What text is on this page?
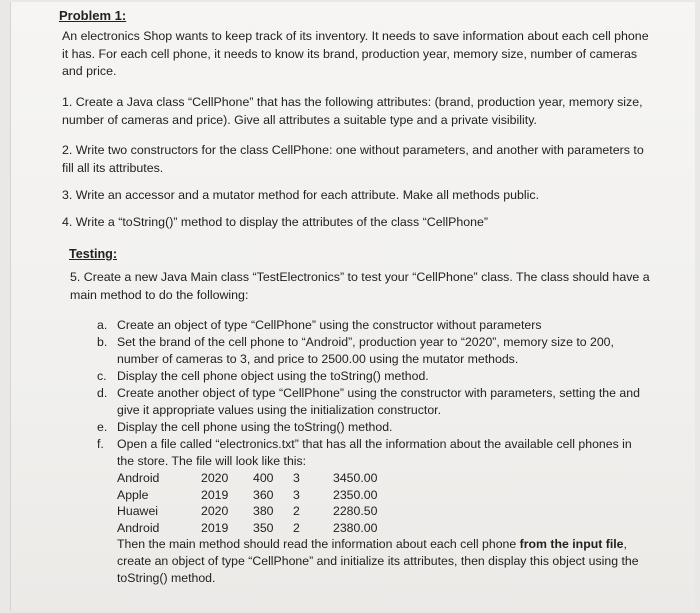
Problem 1:

An electronics Shop wants to keep track of its inventory. It needs to save information about each cell phone it has. For each cell phone, it needs to know its brand, production year, memory size, number of cameras and price.

1. Create a Java class “CellPhone” that has the following attributes: (brand, production year, memory size, number of cameras and price). Give all attributes a suitable type and a private visibility.

2. Write two constructors for the class CellPhone: one without parameters, and another with parameters to fill all its attributes.

3. Write an accessor and a mutator method for each attribute. Make all methods public.

4. Write a “toString()” method to display the attributes of the class “CellPhone”

Testing:

5. Create a new Java Main class “TestElectronics” to test your “CellPhone” class. The class should have a main method to do the following:

a. Create an object of type “CellPhone” using the constructor without parameters
b. Set the brand of the cell phone to “Android”, production year to “2020”, memory size to 200, number of cameras to 3, and price to 2500.00 using the mutator methods.
c. Display the cell phone object using the toString() method.
d. Create another object of type “CellPhone” using the constructor with parameters, setting the and give it appropriate values using the initialization constructor.
e. Display the cell phone using the toString() method.
f. Open a file called “electronics.txt” that has all the information about the available cell phones in the store. The file will look like this:
Android	2020	400	3	3450.00
Apple	2019	360	3	2350.00
Huawei	2020	380	2	2280.50
Android	2019	350	2	2380.00
Then the main method should read the information about each cell phone from the input file, create an object of type “CellPhone” and initialize its attributes, then display this object using the toString() method.
